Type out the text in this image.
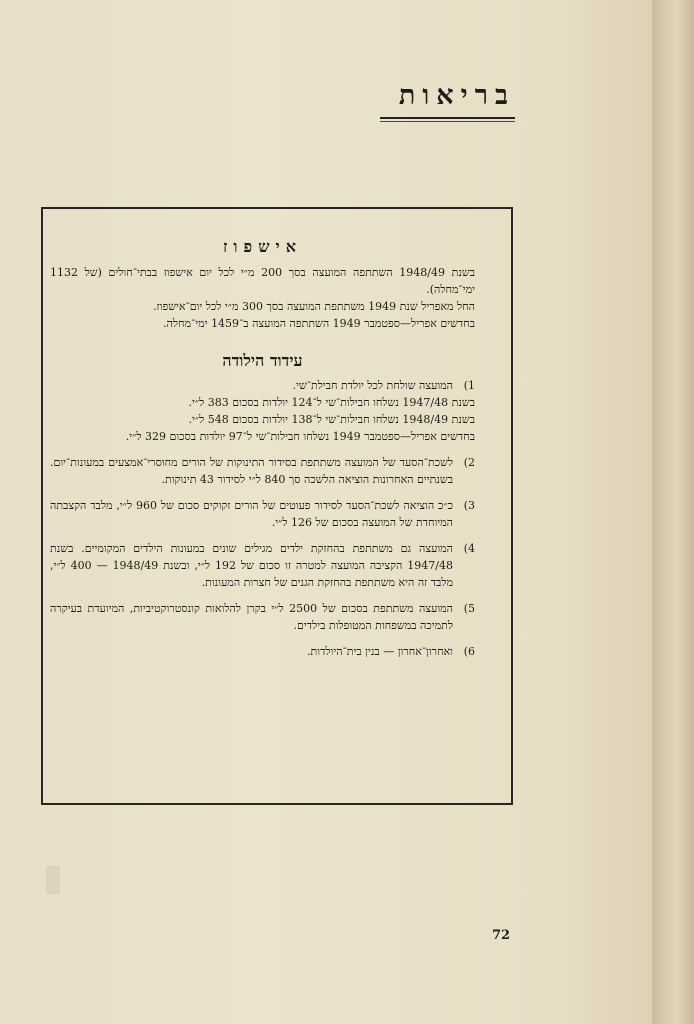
בריאות
אישפוז

בשנת 1948/49 השתתפה המועצה בסך 200 מ״י לכל יום אישפוז בבתי־חולים (של 1132 ימי־מחלה).

החל מאפריל שנת 1949 משתתפת המועצה בסך 300 מ״י לכל יום־אישפוז.

בחדשים אפריל—ספטמבר 1949 השתתפה המועצה ב־1459 ימי־מחלה.

עידוד הילודה
1)

המועצה שולחת לכל יולדת חבילת־שי.

בשנת 1947/48 נשלחו חבילות־שי ל־124 יולדות בסכום 383 ל״י.

בשנת 1948/49 נשלחו חבילות־שי ל־138 יולדות בסכום 548 ל״י.

בחדשים אפריל—ספטמבר 1949 נשלחו חבילות־שי ל־97 יולדות בסכום 329 ל״י.

2)

לשכת־הסעד של המועצה משתתפת בסידור התינוקות של הורים מחוסרי־אמצעים במעונות־יום. בשנתיים האחרונות הוציאה הלשכה סך 840 ל״י לסידור 43 תינוקות.

3)

כ״כ הוציאה לשכת־הסעד לסידור פעוטים של הורים זקוקים סכום של 960 ל״י, מלבד הקצבתה המיוחדת של המועצה בסכום של 126 ל״י.

4)

המועצה גם משתתפת בהחזקת ילדים מגילים שונים במעונות הילדים המקומיים. בשנת 1947/48 הקציבה המועצה למטרה זו סכום של 192 ל״י, ובשנת 1948/49 — 400 ל״י, מלבד זה היא משתתפת בהחזקת הגנים של חצרות המעונות.

5)

המועצה משתתפת בסכום של 2500 ל״י בקרן להלואות קונסטרוקטיביות, המיועדת בעיקרה לתמיכה במשפחות המטופלות בילדים.

6)

ואחרון־אחרון — בנין בית־היולדות.

72
